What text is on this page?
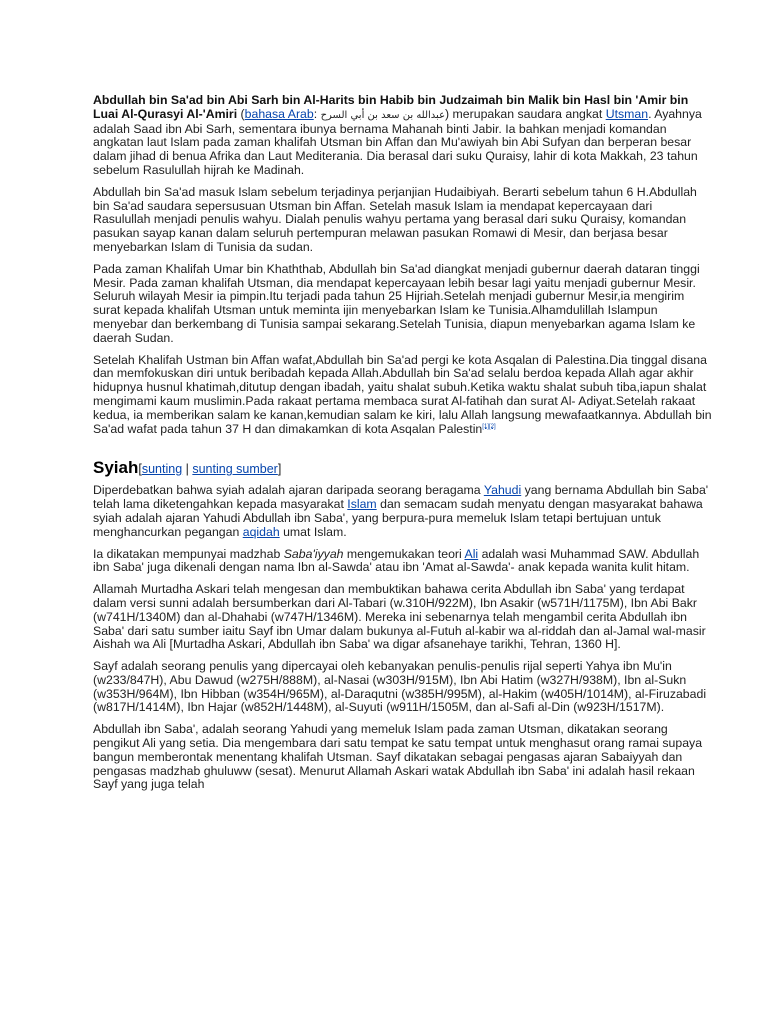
Abdullah bin Sa'ad bin Abi Sarh bin Al-Harits bin Habib bin Judzaimah bin Malik bin Hasl bin 'Amir bin Luai Al-Qurasyi Al-'Amiri (bahasa Arab: عبدالله بن سعد بن أبي السرح) merupakan saudara angkat Utsman. Ayahnya adalah Saad ibn Abi Sarh, sementara ibunya bernama Mahanah binti Jabir. Ia bahkan menjadi komandan angkatan laut Islam pada zaman khalifah Utsman bin Affan dan Mu'awiyah bin Abi Sufyan dan berperan besar dalam jihad di benua Afrika dan Laut Mediterania. Dia berasal dari suku Quraisy, lahir di kota Makkah, 23 tahun sebelum Rasulullah hijrah ke Madinah.

Abdullah bin Sa'ad masuk Islam sebelum terjadinya perjanjian Hudaibiyah. Berarti sebelum tahun 6 H.Abdullah bin Sa'ad saudara sepersusuan Utsman bin Affan. Setelah masuk Islam ia mendapat kepercayaan dari Rasulullah menjadi penulis wahyu. Dialah penulis wahyu pertama yang berasal dari suku Quraisy, komandan pasukan sayap kanan dalam seluruh pertempuran melawan pasukan Romawi di Mesir, dan berjasa besar menyebarkan Islam di Tunisia da sudan.

Pada zaman Khalifah Umar bin Khaththab, Abdullah bin Sa'ad diangkat menjadi gubernur daerah dataran tinggi Mesir. Pada zaman khalifah Utsman, dia mendapat kepercayaan lebih besar lagi yaitu menjadi gubernur Mesir. Seluruh wilayah Mesir ia pimpin.Itu terjadi pada tahun 25 Hijriah.Setelah menjadi gubernur Mesir,ia mengirim surat kepada khalifah Utsman untuk meminta ijin menyebarkan Islam ke Tunisia.Alhamdulillah Islampun menyebar dan berkembang di Tunisia sampai sekarang.Setelah Tunisia, diapun menyebarkan agama Islam ke daerah Sudan.

Setelah Khalifah Ustman bin Affan wafat,Abdullah bin Sa'ad pergi ke kota Asqalan di Palestina.Dia tinggal disana dan memfokuskan diri untuk beribadah kepada Allah.Abdullah bin Sa'ad selalu berdoa kepada Allah agar akhir hidupnya husnul khatimah,ditutup dengan ibadah, yaitu shalat subuh.Ketika waktu shalat subuh tiba,iapun shalat mengimami kaum muslimin.Pada rakaat pertama membaca surat Al-fatihah dan surat Al- Adiyat.Setelah rakaat kedua, ia memberikan salam ke kanan,kemudian salam ke kiri, lalu Allah langsung mewafaatkannya. Abdullah bin Sa'ad wafat pada tahun 37 H dan dimakamkan di kota Asqalan Palestin[1][2]

Syiah[sunting | sunting sumber]

Diperdebatkan bahwa syiah adalah ajaran daripada seorang beragama Yahudi yang bernama Abdullah bin Saba' telah lama diketengahkan kepada masyarakat Islam dan semacam sudah menyatu dengan masyarakat bahawa syiah adalah ajaran Yahudi Abdullah ibn Saba', yang berpura-pura memeluk Islam tetapi bertujuan untuk menghancurkan pegangan aqidah umat Islam.

Ia dikatakan mempunyai madzhab Saba'iyyah mengemukakan teori Ali adalah wasi Muhammad SAW. Abdullah ibn Saba' juga dikenali dengan nama Ibn al-Sawda' atau ibn 'Amat al-Sawda'- anak kepada wanita kulit hitam.

Allamah Murtadha Askari telah mengesan dan membuktikan bahawa cerita Abdullah ibn Saba' yang terdapat dalam versi sunni adalah bersumberkan dari Al-Tabari (w.310H/922M), Ibn Asakir (w571H/1175M), Ibn Abi Bakr (w741H/1340M) dan al-Dhahabi (w747H/1346M). Mereka ini sebenarnya telah mengambil cerita Abdullah ibn Saba' dari satu sumber iaitu Sayf ibn Umar dalam bukunya al-Futuh al-kabir wa al-riddah dan al-Jamal wal-masir Aishah wa Ali [Murtadha Askari, Abdullah ibn Saba' wa digar afsanehaye tarikhi, Tehran, 1360 H].

Sayf adalah seorang penulis yang dipercayai oleh kebanyakan penulis-penulis rijal seperti Yahya ibn Mu'in (w233/847H), Abu Dawud (w275H/888M), al-Nasai (w303H/915M), Ibn Abi Hatim (w327H/938M), Ibn al-Sukn (w353H/964M), Ibn Hibban (w354H/965M), al-Daraqutni (w385H/995M), al-Hakim (w405H/1014M), al-Firuzabadi (w817H/1414M), Ibn Hajar (w852H/1448M), al-Suyuti (w911H/1505M, dan al-Safi al-Din (w923H/1517M).

Abdullah ibn Saba', adalah seorang Yahudi yang memeluk Islam pada zaman Utsman, dikatakan seorang pengikut Ali yang setia. Dia mengembara dari satu tempat ke satu tempat untuk menghasut orang ramai supaya bangun memberontak menentang khalifah Utsman. Sayf dikatakan sebagai pengasas ajaran Sabaiyyah dan pengasas madzhab ghuluww (sesat). Menurut Allamah Askari watak Abdullah ibn Saba' ini adalah hasil rekaan Sayf yang juga telah
